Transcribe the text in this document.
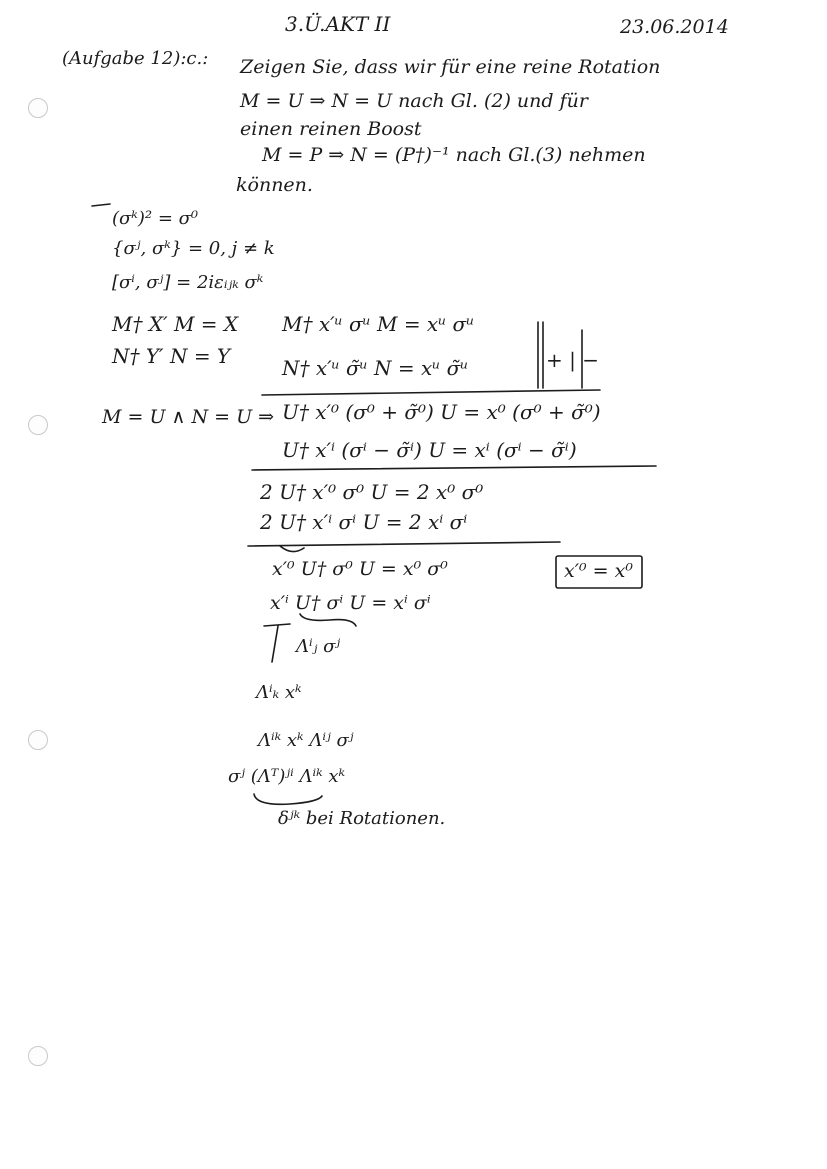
3.Ü.AKT II	23.06.2014
(Aufgabe 12):c.: Zeigen Sie, dass wir für eine reine Rotation
M = U ⇒ N = U nach Gl. (2) und für
einen reinen Boost
M = P ⇒ N = (P†)⁻¹ nach Gl.(3) nehmen
können.
(σᵏ)² = σ⁰
{σʲ, σᵏ} = 0, j ≠ k
[σⁱ, σʲ] = 2iεᵢⱼₖ σᵏ
M† X′ M = X
N† Y′ N = Y
M† x′ᵘ σᵘ M = xᵘ σᵘ
N† x′ᵘ σ̃ᵘ N = xᵘ σ̃ᵘ	+ | −
M = U ∧ N = U ⇒ U† x′⁰ (σ⁰ + σ̃⁰) U = x⁰ (σ⁰ + σ̃⁰)
U† x′ⁱ (σⁱ − σ̃ⁱ) U = xⁱ (σⁱ − σ̃ⁱ)
2 U† x′⁰ σ⁰ U = 2 x⁰ σ⁰
2 U† x′ⁱ σⁱ U = 2 xⁱ σⁱ
x′⁰ U† σ⁰ U = x⁰ σ⁰	x′⁰ = x⁰
x′ⁱ U† σⁱ U = xⁱ σⁱ
Λⁱⱼ σʲ
Λⁱₖ xᵏ
Λⁱᵏ xᵏ Λⁱʲ σʲ
σʲ (Λᵀ)ʲⁱ Λⁱᵏ xᵏ
δʲᵏ bei Rotationen.
